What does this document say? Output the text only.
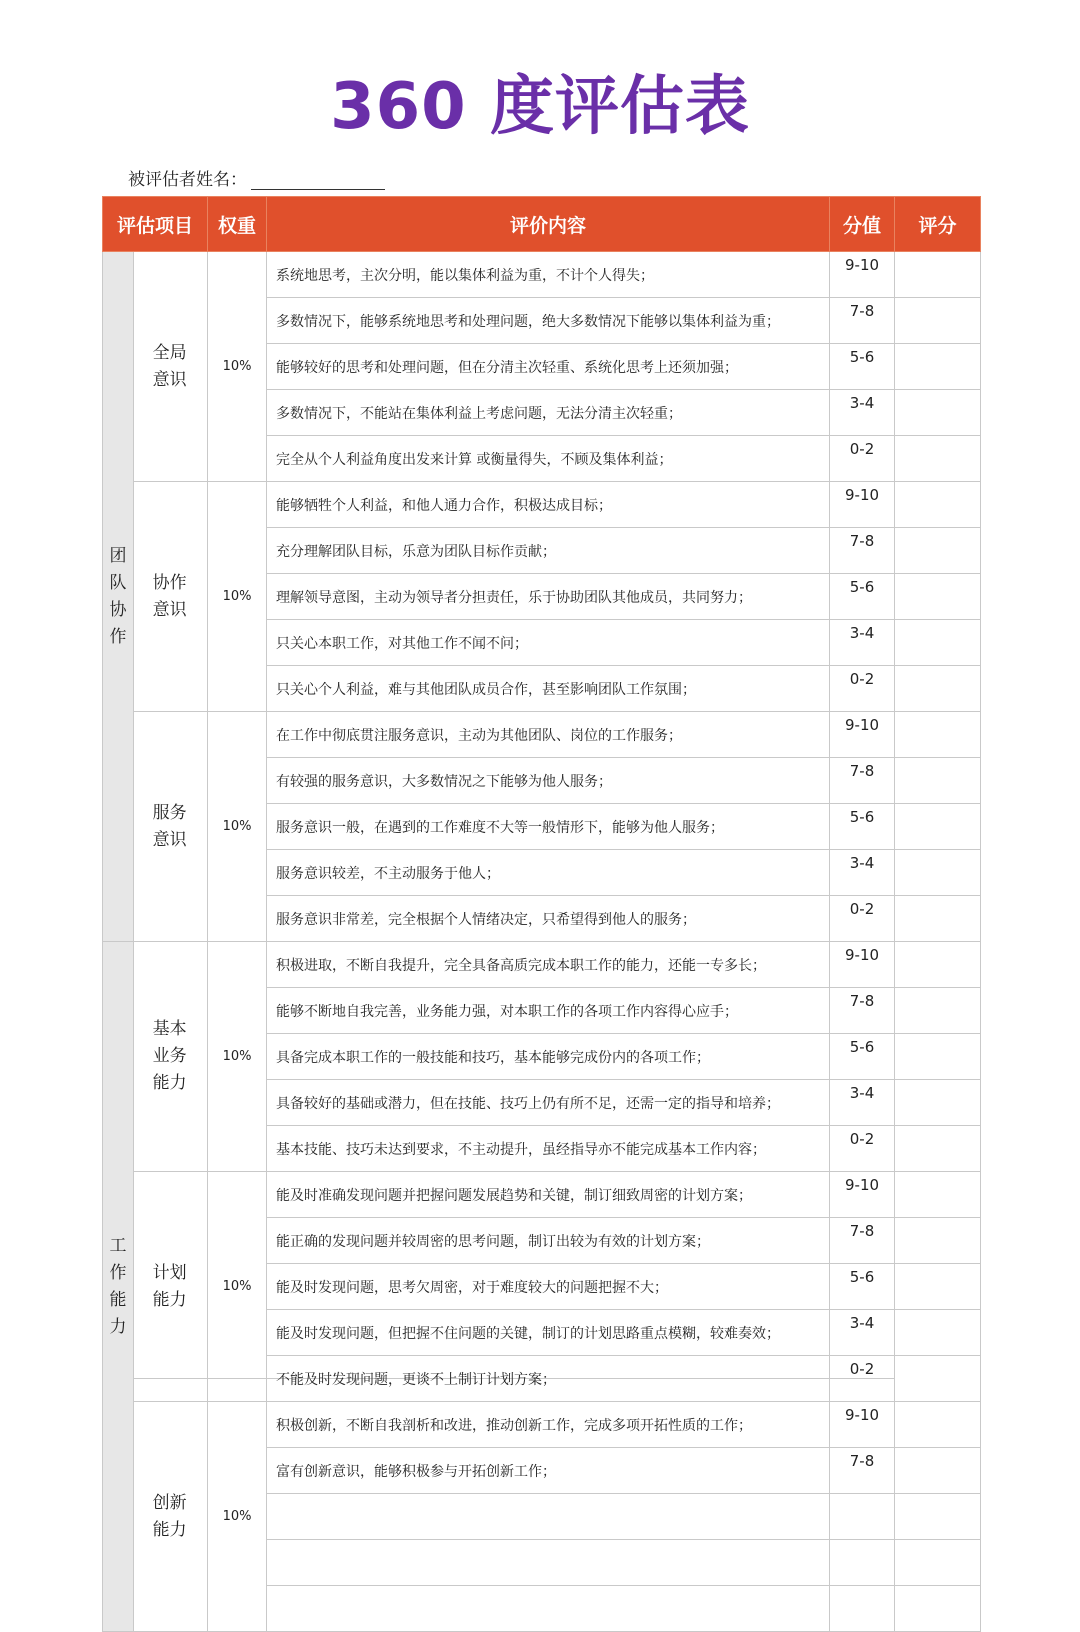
360 度评估表
被评估者姓名：
评估项目		权重	评价内容	分值	评分
团队协作	全局意识	10%	系统地思考，主次分明，能以集体利益为重，不计个人得失；	9-10	
			多数情况下，能够系统地思考和处理问题，绝大多数情况下能够以集体利益为重；	7-8	
			能够较好的思考和处理问题，但在分清主次轻重、系统化思考上还须加强；	5-6	
			多数情况下，不能站在集体利益上考虑问题，无法分清主次轻重；	3-4	
			完全从个人利益角度出发来计算 或衡量得失，不顾及集体利益；	0-2	
	协作意识	10%	能够牺牲个人利益，和他人通力合作，积极达成目标；	9-10	
			充分理解团队目标，乐意为团队目标作贡献；	7-8	
			理解领导意图，主动为领导者分担责任，乐于协助团队其他成员，共同努力；	5-6	
			只关心本职工作，对其他工作不闻不问；	3-4	
			只关心个人利益，难与其他团队成员合作，甚至影响团队工作氛围；	0-2	
	服务意识	10%	在工作中彻底贯注服务意识，主动为其他团队、岗位的工作服务；	9-10	
			有较强的服务意识，大多数情况之下能够为他人服务；	7-8	
			服务意识一般，在遇到的工作难度不大等一般情形下，能够为他人服务；	5-6	
			服务意识较差，不主动服务于他人；	3-4	
			服务意识非常差，完全根据个人情绪决定，只希望得到他人的服务；	0-2	
工作能力	基本业务能力	10%	积极进取，不断自我提升，完全具备高质完成本职工作的能力，还能一专多长；	9-10	
			能够不断地自我完善，业务能力强，对本职工作的各项工作内容得心应手；	7-8	
			具备完成本职工作的一般技能和技巧，基本能够完成份内的各项工作；	5-6	
			具备较好的基础或潜力，但在技能、技巧上仍有所不足，还需一定的指导和培养；	3-4	
			基本技能、技巧未达到要求，不主动提升，虽经指导亦不能完成基本工作内容；	0-2	
	计划能力	10%	能及时准确发现问题并把握问题发展趋势和关键，制订细致周密的计划方案；	9-10	
			能正确的发现问题并较周密的思考问题，制订出较为有效的计划方案；	7-8	
			能及时发现问题，思考欠周密，对于难度较大的问题把握不大；	5-6	
			能及时发现问题，但把握不住问题的关键，制订的计划思路重点模糊，较难奏效；	3-4	
			不能及时发现问题，更谈不上制订计划方案；	0-2	
	创新能力	10%	积极创新，不断自我剖析和改进，推动创新工作，完成多项开拓性质的工作；	9-10	
			富有创新意识，能够积极参与开拓创新工作；	7-8	
